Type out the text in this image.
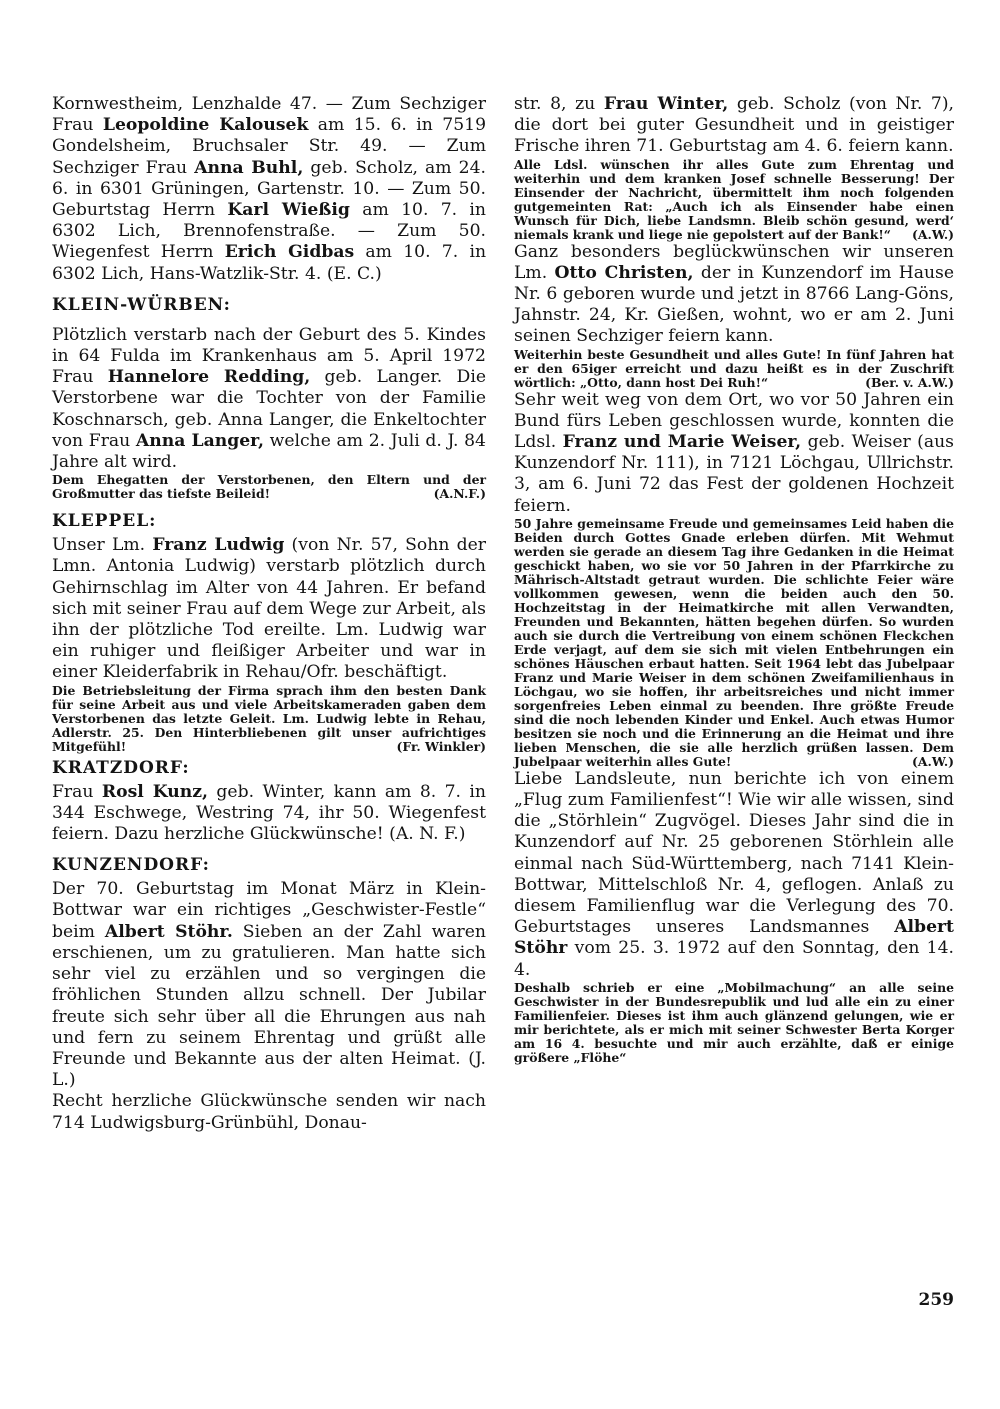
Kornwestheim, Lenzhalde 47. — Zum Sechziger Frau Leopoldine Kalousek am 15. 6. in 7519 Gondelsheim, Bruchsaler Str. 49. — Zum Sechziger Frau Anna Buhl, geb. Scholz, am 24. 6. in 6301 Grüningen, Gartenstr. 10. — Zum 50. Geburtstag Herrn Karl Wießig am 10. 7. in 6302 Lich, Brennofenstraße. — Zum 50. Wiegenfest Herrn Erich Gidbas am 10. 7. in 6302 Lich, Hans-Watzlik-Str. 4. (E. C.)

KLEIN-WÜRBEN:

Plötzlich verstarb nach der Geburt des 5. Kindes in 64 Fulda im Krankenhaus am 5. April 1972 Frau Hannelore Redding, geb. Langer. Die Verstorbene war die Tochter von der Familie Koschnarsch, geb. Anna Langer, die Enkeltochter von Frau Anna Langer, welche am 2. Juli d. J. 84 Jahre alt wird.

Dem Ehegatten der Verstorbenen, den Eltern und der Großmutter das tiefste Beileid!	(A.N.F.)

KLEPPEL:

Unser Lm. Franz Ludwig (von Nr. 57, Sohn der Lmn. Antonia Ludwig) verstarb plötzlich durch Gehirnschlag im Alter von 44 Jahren. Er befand sich mit seiner Frau auf dem Wege zur Arbeit, als ihn der plötzliche Tod ereilte. Lm. Ludwig war ein ruhiger und fleißiger Arbeiter und war in einer Kleiderfabrik in Rehau/Ofr. beschäftigt.

Die Betriebsleitung der Firma sprach ihm den besten Dank für seine Arbeit aus und viele Arbeitskameraden gaben dem Verstorbenen das letzte Geleit. Lm. Ludwig lebte in Rehau, Adlerstr. 25. Den Hinterbliebenen gilt unser aufrichtiges Mitgefühl!	(Fr. Winkler)

KRATZDORF:

Frau Rosl Kunz, geb. Winter, kann am 8. 7. in 344 Eschwege, Westring 74, ihr 50. Wiegenfest feiern. Dazu herzliche Glückwünsche! (A. N. F.)

KUNZENDORF:

Der 70. Geburtstag im Monat März in Klein-Bottwar war ein richtiges „Geschwister-Festle“ beim Albert Stöhr. Sieben an der Zahl waren erschienen, um zu gratulieren. Man hatte sich sehr viel zu erzählen und so vergingen die fröhlichen Stunden allzu schnell. Der Jubilar freute sich sehr über all die Ehrungen aus nah und fern zu seinem Ehrentag und grüßt alle Freunde und Bekannte aus der alten Heimat. (J. L.)

Recht herzliche Glückwünsche senden wir nach 714 Ludwigsburg-Grünbühl, Donau-

str. 8, zu Frau Winter, geb. Scholz (von Nr. 7), die dort bei guter Gesundheit und in geistiger Frische ihren 71. Geburtstag am 4. 6. feiern kann.

Alle Ldsl. wünschen ihr alles Gute zum Ehrentag und weiterhin und dem kranken Josef schnelle Besserung! Der Einsender der Nachricht, übermittelt ihm noch folgenden gutgemeinten Rat: „Auch ich als Einsender habe einen Wunsch für Dich, liebe Landsmn. Bleib schön gesund, werd‘ niemals krank und liege nie gepolstert auf der Bank!“ (A.W.)

Ganz besonders beglückwünschen wir unseren Lm. Otto Christen, der in Kunzendorf im Hause Nr. 6 geboren wurde und jetzt in 8766 Lang-Göns, Jahnstr. 24, Kr. Gießen, wohnt, wo er am 2. Juni seinen Sechziger feiern kann.

Weiterhin beste Gesundheit und alles Gute! In fünf Jahren hat er den 65iger erreicht und dazu heißt es in der Zuschrift wörtlich: „Otto, dann host Dei Ruh!“	(Ber. v. A.W.)

Sehr weit weg von dem Ort, wo vor 50 Jahren ein Bund fürs Leben geschlossen wurde, konnten die Ldsl. Franz und Marie Weiser, geb. Weiser (aus Kunzendorf Nr. 111), in 7121 Löchgau, Ullrichstr. 3, am 6. Juni 72 das Fest der goldenen Hochzeit feiern.

50 Jahre gemeinsame Freude und gemeinsames Leid haben die Beiden durch Gottes Gnade erleben dürfen. Mit Wehmut werden sie gerade an diesem Tag ihre Gedanken in die Heimat geschickt haben, wo sie vor 50 Jahren in der Pfarrkirche zu Mährisch-Altstadt getraut wurden. Die schlichte Feier wäre vollkommen gewesen, wenn die beiden auch den 50. Hochzeitstag in der Heimatkirche mit allen Verwandten, Freunden und Bekannten, hätten begehen dürfen. So wurden auch sie durch die Vertreibung von einem schönen Fleckchen Erde verjagt, auf dem sie sich mit vielen Entbehrungen ein schönes Häuschen erbaut hatten. Seit 1964 lebt das Jubelpaar Franz und Marie Weiser in dem schönen Zweifamilienhaus in Löchgau, wo sie hoffen, ihr arbeitsreiches und nicht immer sorgenfreies Leben einmal zu beenden. Ihre größte Freude sind die noch lebenden Kinder und Enkel. Auch etwas Humor besitzen sie noch und die Erinnerung an die Heimat und ihre lieben Menschen, die sie alle herzlich grüßen lassen. Dem Jubelpaar weiterhin alles Gute!	(A.W.)

Liebe Landsleute, nun berichte ich von einem „Flug zum Familienfest“! Wie wir alle wissen, sind die „Störhlein“ Zugvögel. Dieses Jahr sind die in Kunzendorf auf Nr. 25 geborenen Störhlein alle einmal nach Süd-Württemberg, nach 7141 Klein-Bottwar, Mittelschloß Nr. 4, geflogen. Anlaß zu diesem Familienflug war die Verlegung des 70. Geburtstages unseres Landsmannes Albert Stöhr vom 25. 3. 1972 auf den Sonntag, den 14. 4.

Deshalb schrieb er eine „Mobilmachung“ an alle seine Geschwister in der Bundesrepublik und lud alle ein zu einer Familienfeier. Dieses ist ihm auch glänzend gelungen, wie er mir berichtete, als er mich mit seiner Schwester Berta Korger am 16 4. besuchte und mir auch erzählte, daß er einige größere „Flöhe“

259
